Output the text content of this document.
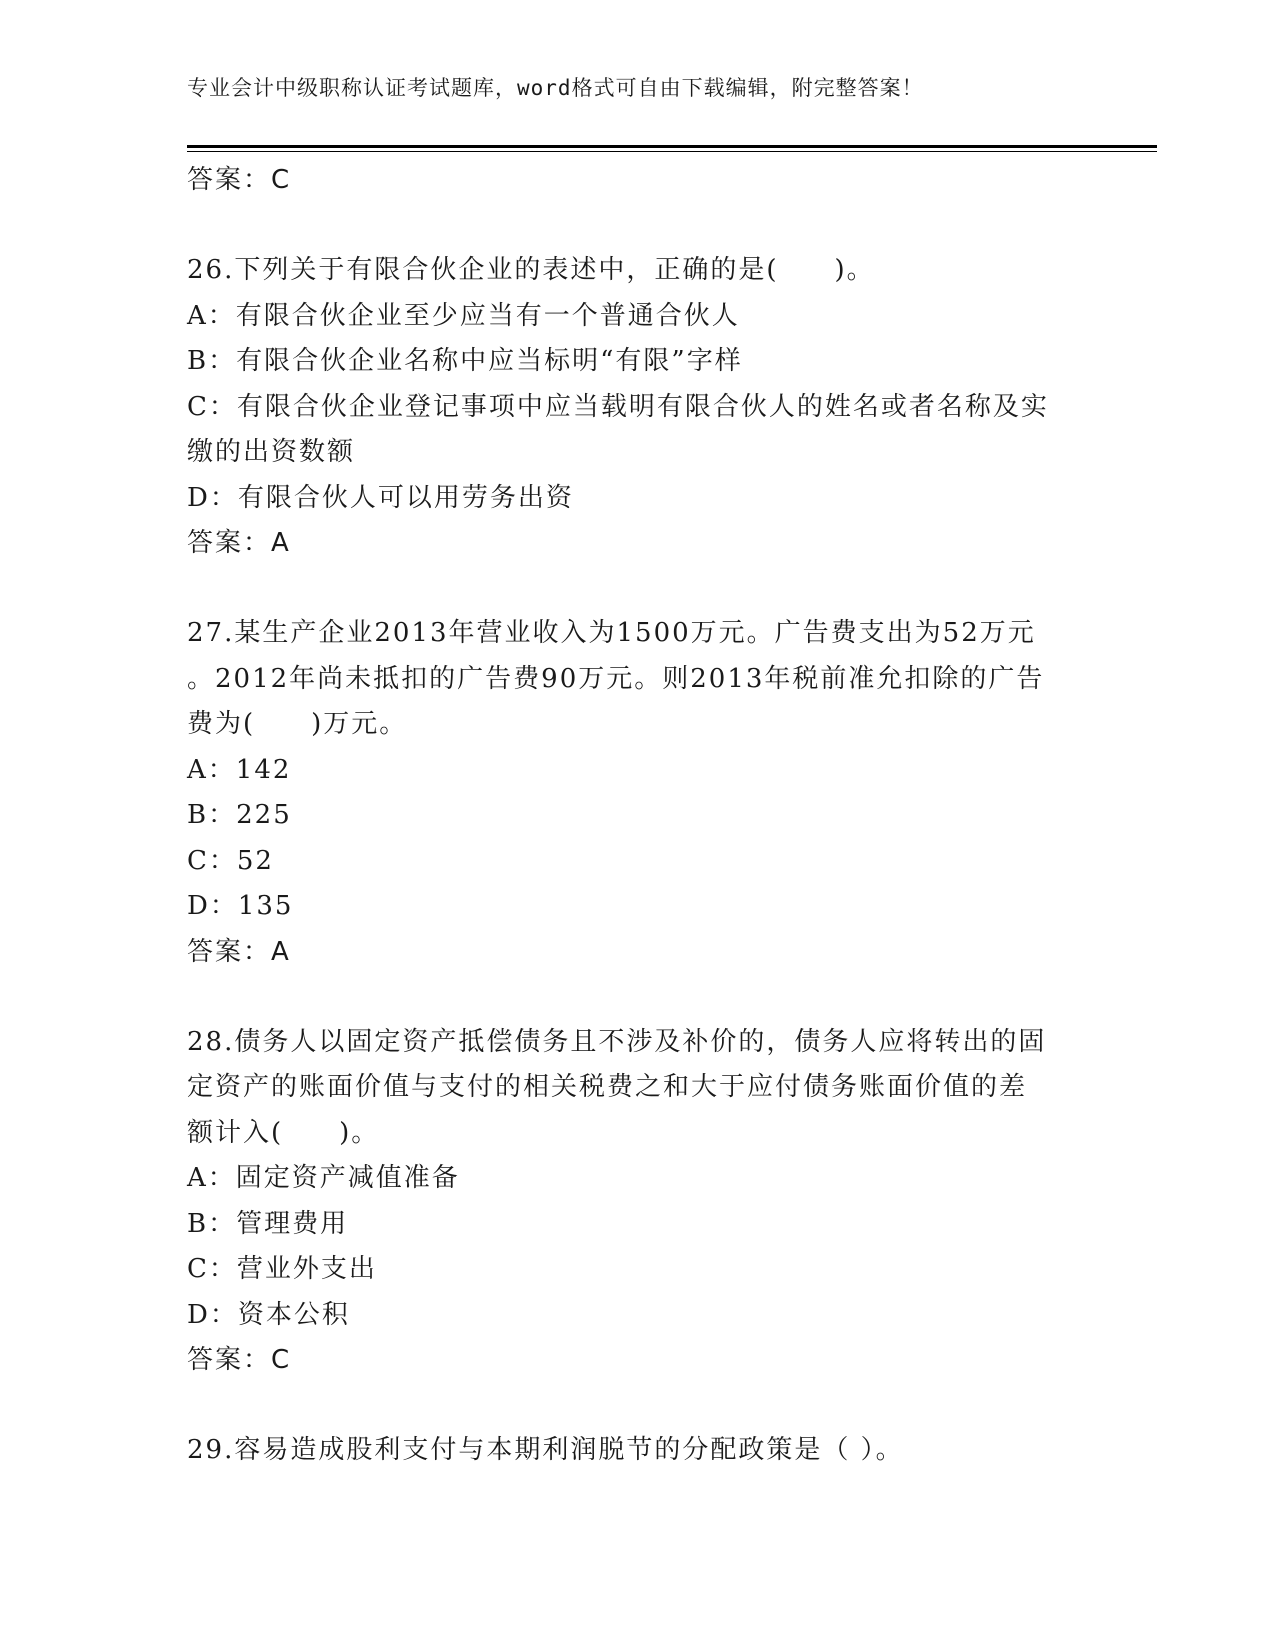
专业会计中级职称认证考试题库，word格式可自由下载编辑，附完整答案！

答案：C

26.下列关于有限合伙企业的表述中，正确的是(　　)。

A：有限合伙企业至少应当有一个普通合伙人

B：有限合伙企业名称中应当标明“有限”字样

C：有限合伙企业登记事项中应当载明有限合伙人的姓名或者名称及实

缴的出资数额

D：有限合伙人可以用劳务出资

答案：A

27.某生产企业2013年营业收入为1500万元。广告费支出为52万元

。2012年尚未抵扣的广告费90万元。则2013年税前准允扣除的广告

费为(　　)万元。

A：142

B：225

C：52

D：135

答案：A

28.债务人以固定资产抵偿债务且不涉及补价的，债务人应将转出的固

定资产的账面价值与支付的相关税费之和大于应付债务账面价值的差

额计入(　　)。

A：固定资产减值准备

B：管理费用

C：营业外支出

D：资本公积

答案：C

29.容易造成股利支付与本期利润脱节的分配政策是（ ）。
